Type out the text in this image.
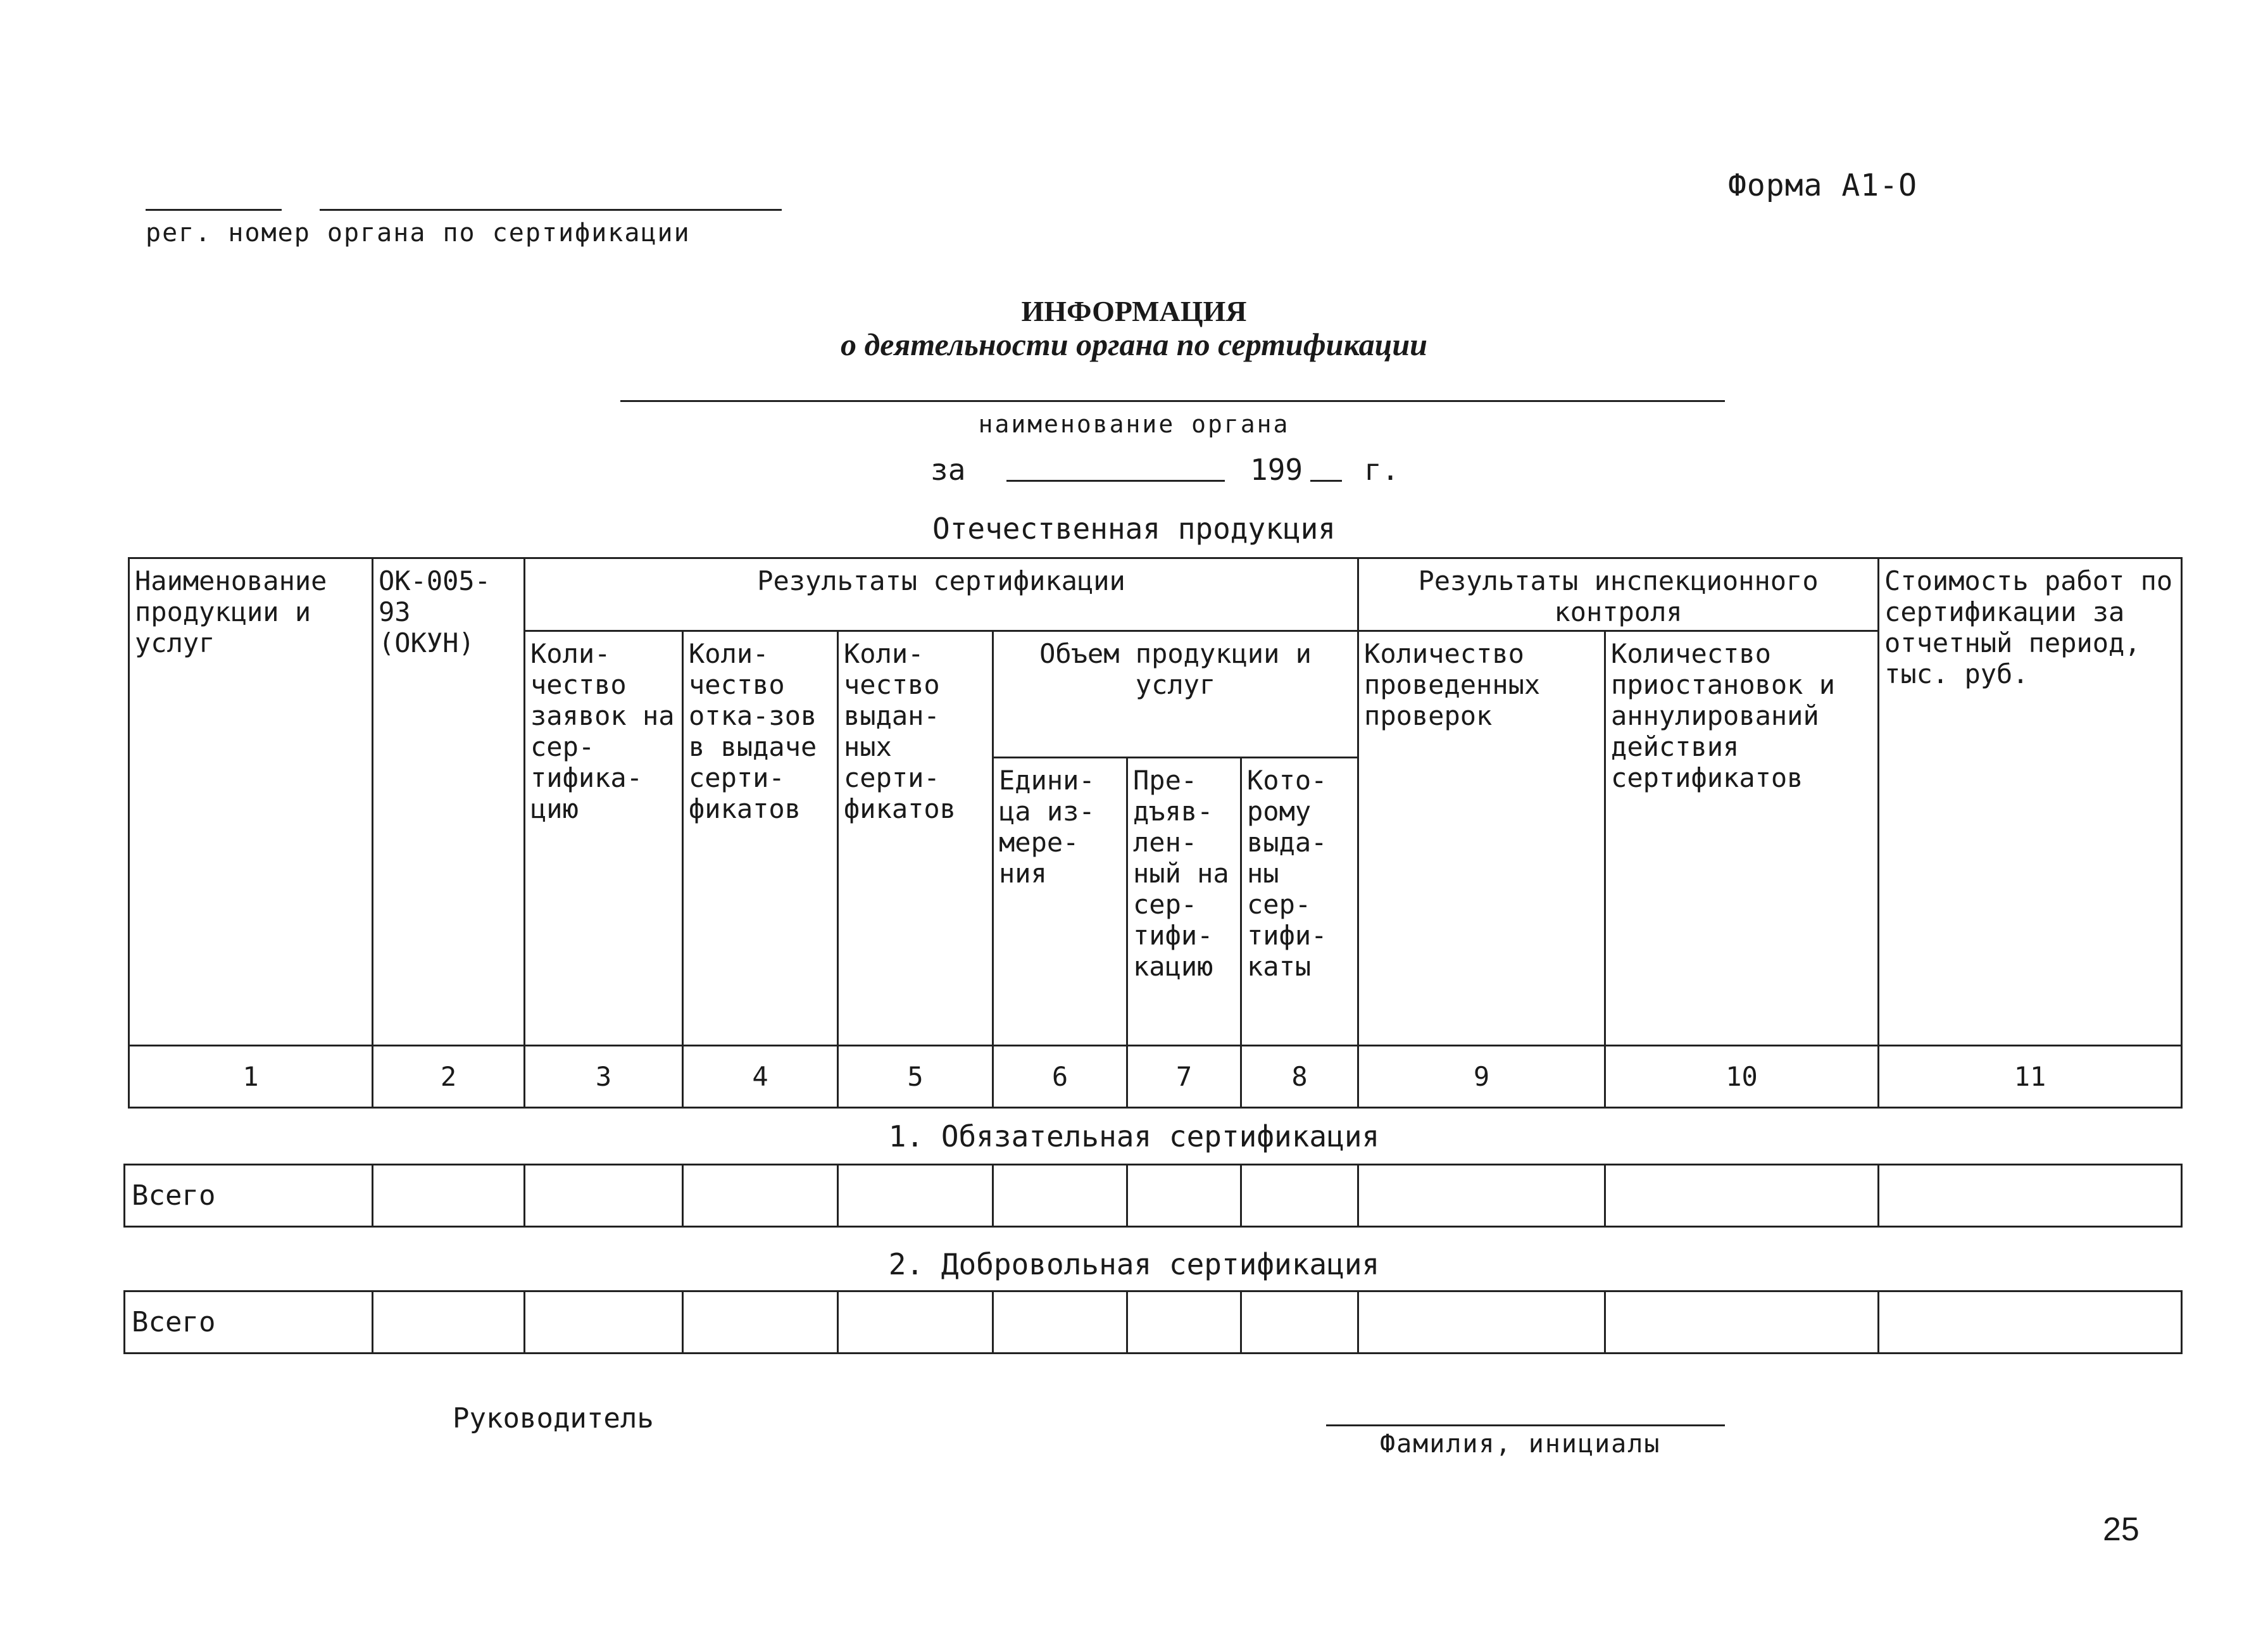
Форма А1-О
рег. номер органа по сертификации
ИНФОРМАЦИЯ
о деятельности органа по сертификации
наименование органа
за	199 г.
Отечественная продукция
Наименование продукции и услуг	ОК-005-93 (ОКУН)	Результаты сертификации						Результаты инспекционного контроля		Стоимость работ по сертификации за отчетный период, тыс. руб.
		Коли-чество заявок на сер-тифика-цию	Коли-чество отка-зов в выдаче серти-фикатов	Коли-чество выдан-ных серти-фикатов	Объем продукции и услуг			Количество проведенных проверок	Количество приостановок и аннулирований действия сертификатов	
					Едини-ца из-мере-ния	Пре-дъяв-лен-ный на сер-тифи-кацию	Кото-рому выда-ны сер-тифи-каты			
1	2	3	4	5	6	7	8	9	10	11
1. Обязательная сертификация
Всего										
2. Добровольная сертификация
Всего										
Руководитель
Фамилия, инициалы
25
